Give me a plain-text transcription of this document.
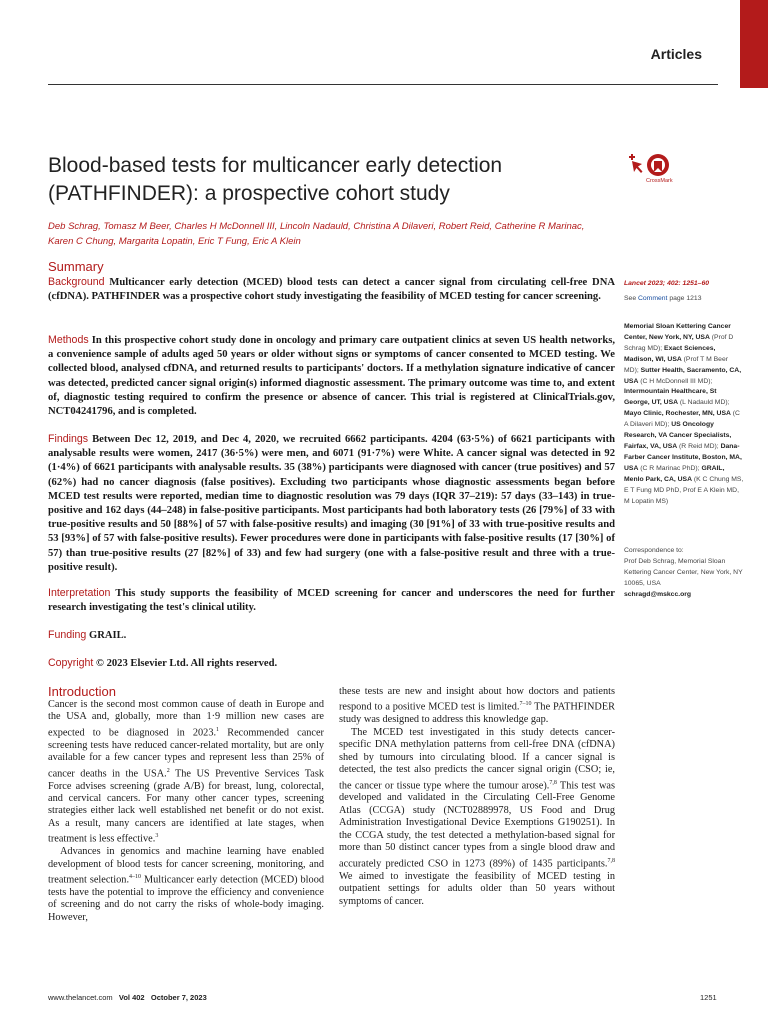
Articles
Blood-based tests for multicancer early detection (PATHFINDER): a prospective cohort study
CrossMark
Deb Schrag, Tomasz M Beer, Charles H McDonnell III, Lincoln Nadauld, Christina A Dilaveri, Robert Reid, Catherine R Marinac, Karen C Chung, Margarita Lopatin, Eric T Fung, Eric A Klein
Summary
Background Multicancer early detection (MCED) blood tests can detect a cancer signal from circulating cell-free DNA (cfDNA). PATHFINDER was a prospective cohort study investigating the feasibility of MCED testing for cancer screening.
Methods In this prospective cohort study done in oncology and primary care outpatient clinics at seven US health networks, a convenience sample of adults aged 50 years or older without signs or symptoms of cancer consented to MCED testing. We collected blood, analysed cfDNA, and returned results to participants' doctors. If a methylation signature indicative of cancer was detected, predicted cancer signal origin(s) informed diagnostic assessment. The primary outcome was time to, and extent of, diagnostic testing required to confirm the presence or absence of cancer. This trial is registered at ClinicalTrials.gov, NCT04241796, and is completed.
Findings Between Dec 12, 2019, and Dec 4, 2020, we recruited 6662 participants. 4204 (63·5%) of 6621 participants with analysable results were women, 2417 (36·5%) were men, and 6071 (91·7%) were White. A cancer signal was detected in 92 (1·4%) of 6621 participants with analysable results. 35 (38%) participants were diagnosed with cancer (true positives) and 57 (62%) had no cancer diagnosis (false positives). Excluding two participants whose diagnostic assessments began before MCED test results were reported, median time to diagnostic resolution was 79 days (IQR 37–219): 57 days (33–143) in true-positive and 162 days (44–248) in false-positive participants. Most participants had both laboratory tests (26 [79%] of 33 with true-positive results and 50 [88%] of 57 with false-positive results) and imaging (30 [91%] of 33 with true-positive results and 53 [93%] of 57 with false-positive results). Fewer procedures were done in participants with false-positive results (17 [30%] of 57) than true-positive results (27 [82%] of 33) and few had surgery (one with a false-positive result and three with a true-positive result).
Interpretation This study supports the feasibility of MCED screening for cancer and underscores the need for further research investigating the test's clinical utility.
Funding GRAIL.
Copyright © 2023 Elsevier Ltd. All rights reserved.
Lancet 2023; 402: 1251–60
See Comment page 1213
Memorial Sloan Kettering Cancer Center, New York, NY, USA (Prof D Schrag MD); Exact Sciences, Madison, WI, USA (Prof T M Beer MD); Sutter Health, Sacramento, CA, USA (C H McDonnell III MD); Intermountain Healthcare, St George, UT, USA (L Nadauld MD); Mayo Clinic, Rochester, MN, USA (C A Dilaveri MD); US Oncology Research, VA Cancer Specialists, Fairfax, VA, USA (R Reid MD); Dana-Farber Cancer Institute, Boston, MA, USA (C R Marinac PhD); GRAIL, Menlo Park, CA, USA (K C Chung MS, E T Fung MD PhD, Prof E A Klein MD, M Lopatin MS)
Correspondence to:
Prof Deb Schrag, Memorial Sloan Kettering Cancer Center, New York, NY 10065, USA
schragd@mskcc.org
Introduction

Cancer is the second most common cause of death in Europe and the USA and, globally, more than 1·9 million new cases are expected to be diagnosed in 2023.$^1$ Recommended cancer screening tests have reduced cancer-related mortality, but are only available for a few cancer types and represent less than 25% of cancer deaths in the USA.$^2$ The US Preventive Services Task Force advises screening (grade A/B) for breast, lung, colorectal, and cervical cancers. For many other cancer types, screening strategies either lack well established net benefit or do not exist. As a result, many cancers are identified at late stages, when treatment is less effective.$^3$

Advances in genomics and machine learning have enabled development of blood tests for cancer screening, monitoring, and treatment selection.$^{4-10}$ Multicancer early detection (MCED) blood tests have the potential to improve the efficiency and convenience of screening and do not carry the risks of whole-body imaging. However,

these tests are new and insight about how doctors and patients respond to a positive MCED test is limited.$^{7-10}$ The PATHFINDER study was designed to address this knowledge gap.

The MCED test investigated in this study detects cancer-specific DNA methylation patterns from cell-free DNA (cfDNA) shed by tumours into circulating blood. If a cancer signal is detected, the test also predicts the cancer signal origin (CSO; ie, the cancer or tissue type where the tumour arose).$^{7,8}$ This test was developed and validated in the Circulating Cell-Free Genome Atlas (CCGA) study (NCT02889978, US Food and Drug Administration Investigational Device Exemptions G190251). In the CCGA study, the test detected a methylation-based signal for more than 50 distinct cancer types from a single blood draw and accurately predicted CSO in 1273 (89%) of 1435 participants.$^{7,8}$ We aimed to investigate the feasibility of MCED testing in outpatient settings for adults older than 50 years without symptoms of cancer.

www.thelancet.com Vol 402 October 7, 2023	1251
